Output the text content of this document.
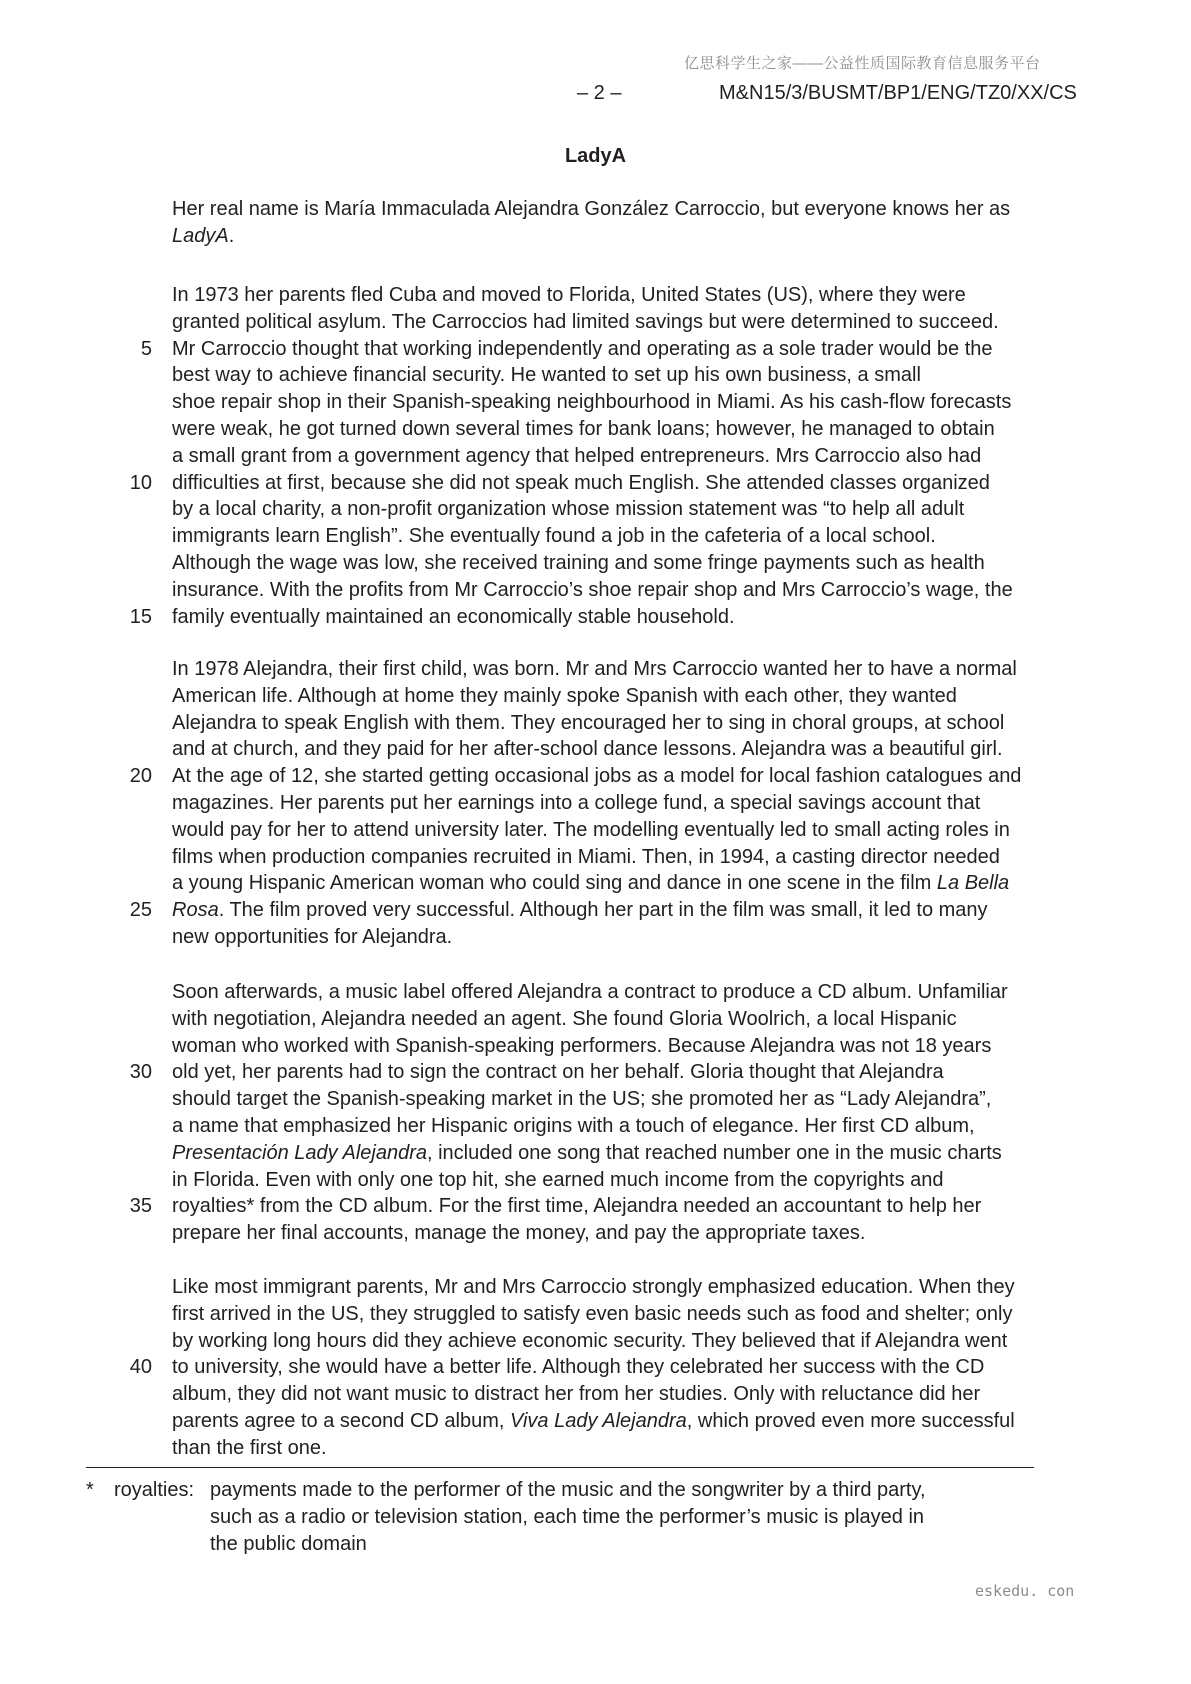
亿思科学生之家——公益性质国际教育信息服务平台
– 2 –	M&N15/3/BUSMT/BP1/ENG/TZ0/XX/CS
LadyA
Her real name is María Immaculada Alejandra González Carroccio, but everyone knows her as
LadyA.
In 1973 her parents fled Cuba and moved to Florida, United States (US), where they were
granted political asylum. The Carroccios had limited savings but were determined to succeed.
5 Mr Carroccio thought that working independently and operating as a sole trader would be the
best way to achieve financial security. He wanted to set up his own business, a small
shoe repair shop in their Spanish-speaking neighbourhood in Miami. As his cash-flow forecasts
were weak, he got turned down several times for bank loans; however, he managed to obtain
a small grant from a government agency that helped entrepreneurs. Mrs Carroccio also had
10 difficulties at first, because she did not speak much English. She attended classes organized
by a local charity, a non-profit organization whose mission statement was “to help all adult
immigrants learn English”. She eventually found a job in the cafeteria of a local school.
Although the wage was low, she received training and some fringe payments such as health
insurance. With the profits from Mr Carroccio’s shoe repair shop and Mrs Carroccio’s wage, the
15 family eventually maintained an economically stable household.
In 1978 Alejandra, their first child, was born. Mr and Mrs Carroccio wanted her to have a normal
American life. Although at home they mainly spoke Spanish with each other, they wanted
Alejandra to speak English with them. They encouraged her to sing in choral groups, at school
and at church, and they paid for her after-school dance lessons. Alejandra was a beautiful girl.
20 At the age of 12, she started getting occasional jobs as a model for local fashion catalogues and
magazines. Her parents put her earnings into a college fund, a special savings account that
would pay for her to attend university later. The modelling eventually led to small acting roles in
films when production companies recruited in Miami. Then, in 1994, a casting director needed
a young Hispanic American woman who could sing and dance in one scene in the film La Bella
25 Rosa. The film proved very successful. Although her part in the film was small, it led to many
new opportunities for Alejandra.
Soon afterwards, a music label offered Alejandra a contract to produce a CD album. Unfamiliar
with negotiation, Alejandra needed an agent. She found Gloria Woolrich, a local Hispanic
woman who worked with Spanish-speaking performers. Because Alejandra was not 18 years
30 old yet, her parents had to sign the contract on her behalf. Gloria thought that Alejandra
should target the Spanish-speaking market in the US; she promoted her as “Lady Alejandra”,
a name that emphasized her Hispanic origins with a touch of elegance. Her first CD album,
Presentación Lady Alejandra, included one song that reached number one in the music charts
in Florida. Even with only one top hit, she earned much income from the copyrights and
35 royalties* from the CD album. For the first time, Alejandra needed an accountant to help her
prepare her final accounts, manage the money, and pay the appropriate taxes.
Like most immigrant parents, Mr and Mrs Carroccio strongly emphasized education. When they
first arrived in the US, they struggled to satisfy even basic needs such as food and shelter; only
by working long hours did they achieve economic security. They believed that if Alejandra went
40 to university, she would have a better life. Although they celebrated her success with the CD
album, they did not want music to distract her from her studies. Only with reluctance did her
parents agree to a second CD album, Viva Lady Alejandra, which proved even more successful
than the first one.
* royalties: payments made to the performer of the music and the songwriter by a third party,
such as a radio or television station, each time the performer’s music is played in
the public domain
eskedu. con
